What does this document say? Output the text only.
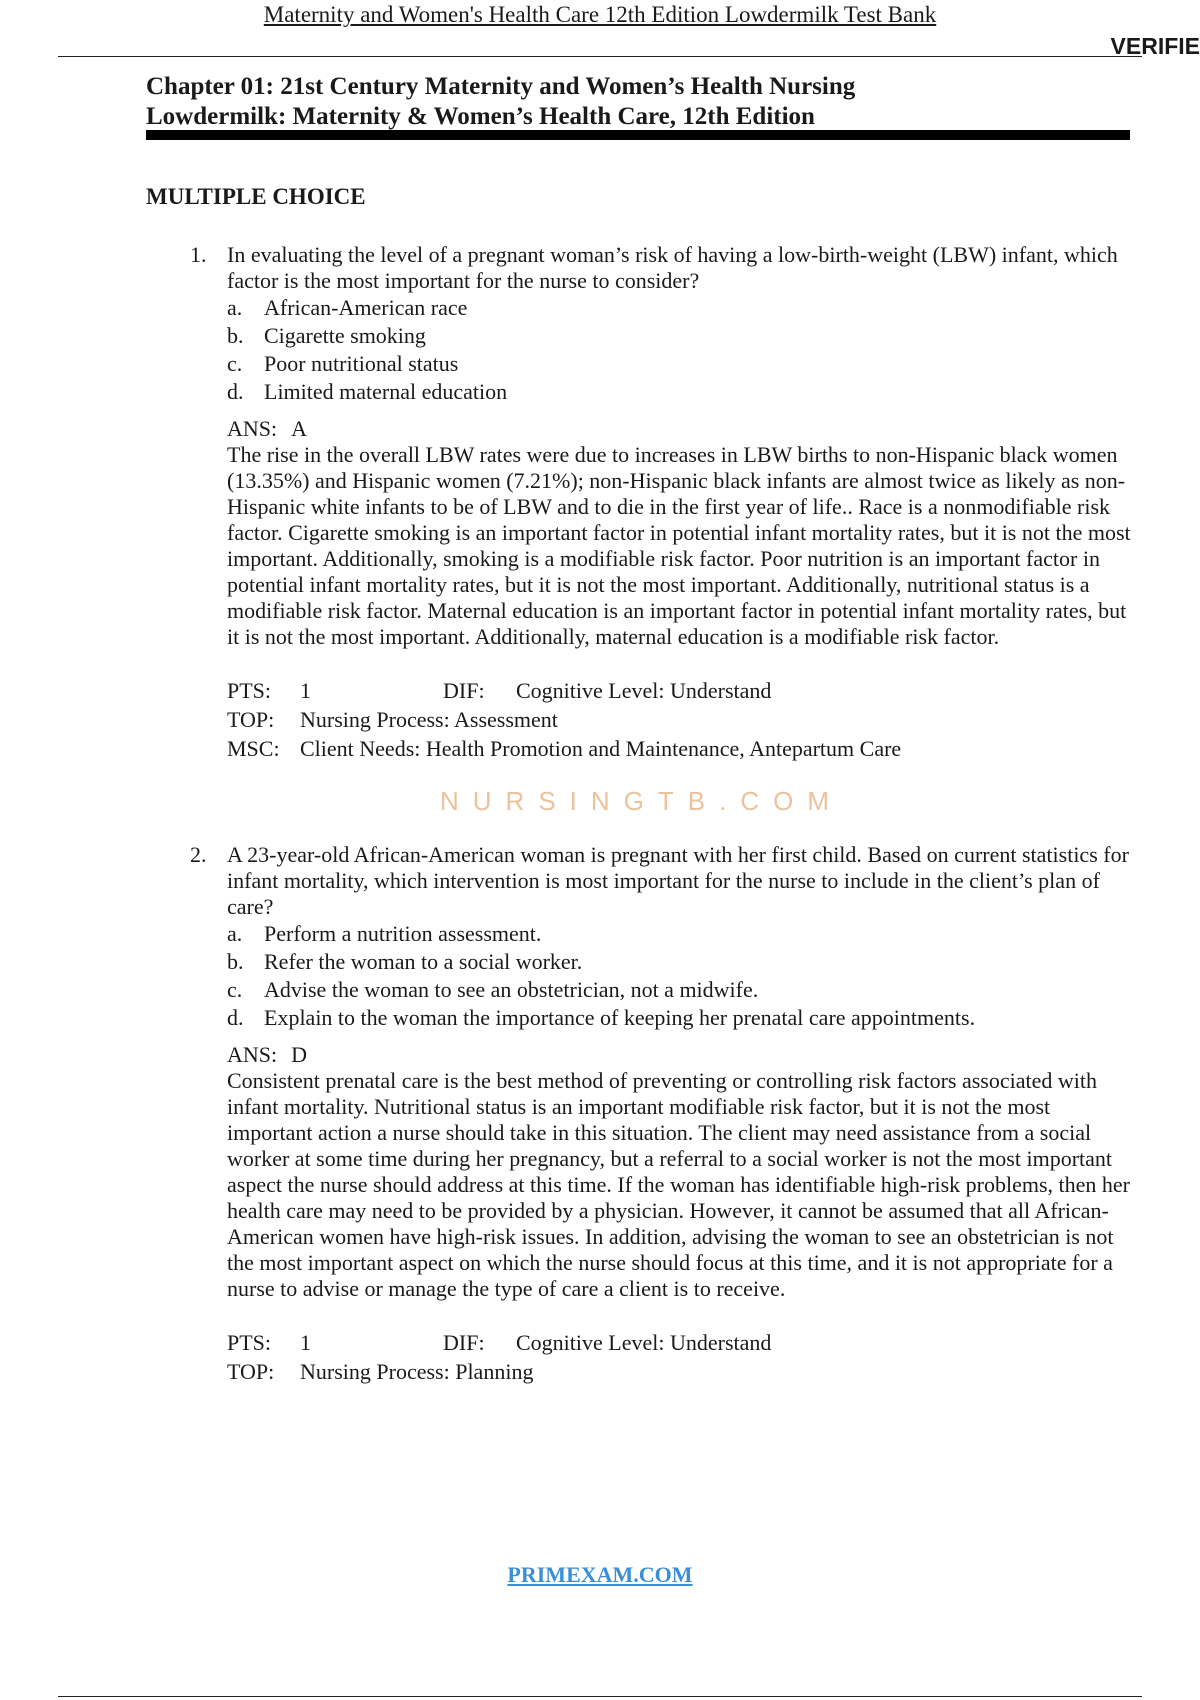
Maternity and Women's Health Care 12th Edition Lowdermilk Test Bank

VERIFIE
Chapter 01: 21st Century Maternity and Women’s Health Nursing
Lowdermilk: Maternity & Women’s Health Care, 12th Edition
MULTIPLE CHOICE
1. In evaluating the level of a pregnant woman’s risk of having a low-birth-weight (LBW) infant, which factor is the most important for the nurse to consider?

a. African-American race
b. Cigarette smoking
c. Poor nutritional status
d. Limited maternal education
ANS: A

The rise in the overall LBW rates were due to increases in LBW births to non-Hispanic black women (13.35%) and Hispanic women (7.21%); non-Hispanic black infants are almost twice as likely as non-Hispanic white infants to be of LBW and to die in the first year of life.. Race is a nonmodifiable risk factor. Cigarette smoking is an important factor in potential infant mortality rates, but it is not the most important. Additionally, smoking is a modifiable risk factor. Poor nutrition is an important factor in potential infant mortality rates, but it is not the most important. Additionally, nutritional status is a modifiable risk factor. Maternal education is an important factor in potential infant mortality rates, but it is not the most important. Additionally, maternal education is a modifiable risk factor.

PTS:	1	DIF:	Cognitive Level: Understand
TOP:	Nursing Process: Assessment
MSC: Client Needs: Health Promotion and Maintenance, Antepartum Care
2. A 23-year-old African-American woman is pregnant with her first child. Based on current statistics for infant mortality, which intervention is most important for the nurse to include in the client’s plan of care?

a. Perform a nutrition assessment.
b. Refer the woman to a social worker.
c. Advise the woman to see an obstetrician, not a midwife.
d. Explain to the woman the importance of keeping her prenatal care appointments.
ANS: D

Consistent prenatal care is the best method of preventing or controlling risk factors associated with infant mortality. Nutritional status is an important modifiable risk factor, but it is not the most important action a nurse should take in this situation. The client may need assistance from a social worker at some time during her pregnancy, but a referral to a social worker is not the most important aspect the nurse should address at this time. If the woman has identifiable high-risk problems, then her health care may need to be provided by a physician. However, it cannot be assumed that all African-American women have high-risk issues. In addition, advising the woman to see an obstetrician is not the most important aspect on which the nurse should focus at this time, and it is not appropriate for a nurse to advise or manage the type of care a client is to receive.

PTS:	1	DIF:	Cognitive Level: Understand
TOP:	Nursing Process: Planning
NURSINGTB.COM

PRIMEXAM.COM
